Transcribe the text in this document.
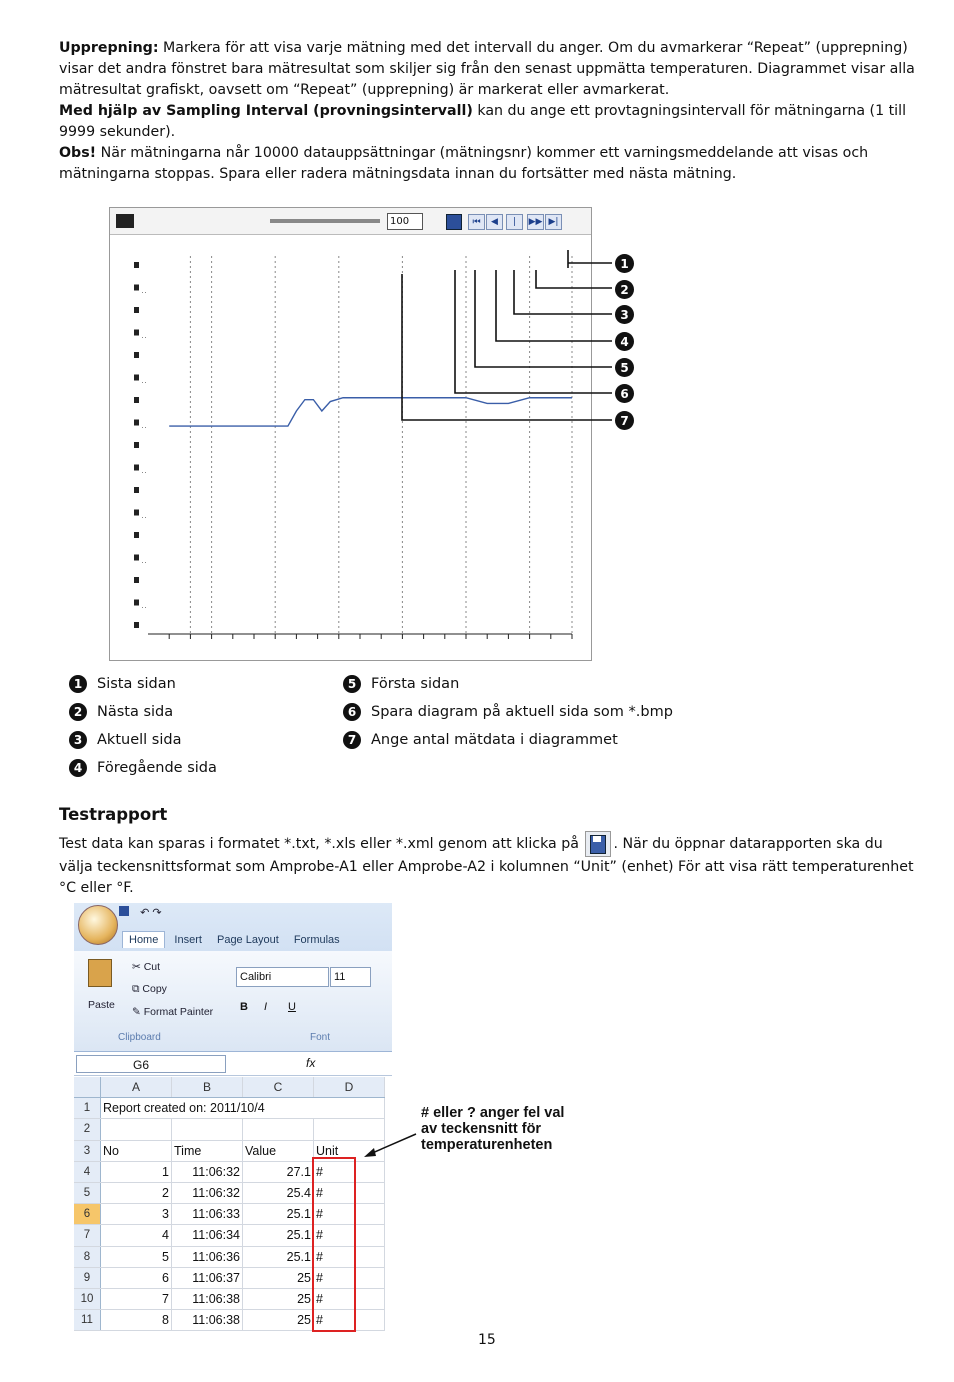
Upprepning: Markera för att visa varje mätning med det intervall du anger. Om du avmarkerar “Repeat” (upprepning) visar det andra fönstret bara mätresultat som skiljer sig från den senast uppmätta temperaturen. Diagrammet visar alla mätresultat grafiskt, oavsett om “Repeat” (upprepning) är markerat eller avmarkerat.

Med hjälp av Sampling Interval (provningsintervall) kan du ange ett provtagningsintervall för mätningarna (1 till 9999 sekunder).

Obs! När mätningarna når 10000 datauppsättningar (mätningsnr) kommer ett varningsmeddelande att visas och mätningarna stoppas. Spara eller radera mätningsdata innan du fortsätter med nästa mätning.

100	⏮	◀	|	▶▶ ▶|
1
2
3
4
5
6
7
1	Sista sidan
2	Nästa sida
3	Aktuell sida
4	Föregående sida
5	Första sidan
6	Spara diagram på aktuell sida som *.bmp
7	Ange antal mätdata i diagrammet
Testrapport
Test data kan sparas i formatet *.txt, *.xls eller *.xml genom att klicka på . När du öppnar datarapporten ska du välja teckensnittsformat som Amprobe-A1 eller Amprobe-A2 i kolumnen “Unit” (enhet) För att visa rätt temperaturenhet °C eller °F.
↶ ↷
Home Insert Page Layout Formulas
Paste
✂ Cut
⧉ Copy
✎ Format Painter
Clipboard
Calibri	11
B I U
Font
G6	fx
	A	B	C	D
1	Report created on: 2011/10/4			
2				
3	No	Time	Value	Unit
4	1	11:06:32	27.1	#
5	2	11:06:32	25.4	#
6	3	11:06:33	25.1	#
7	4	11:06:34	25.1	#
8	5	11:06:36	25.1	#
9	6	11:06:37	25	#
10	7	11:06:38	25	#
11	8	11:06:38	25	#
# eller ? anger fel val
av teckensnitt för
temperaturenheten
15
